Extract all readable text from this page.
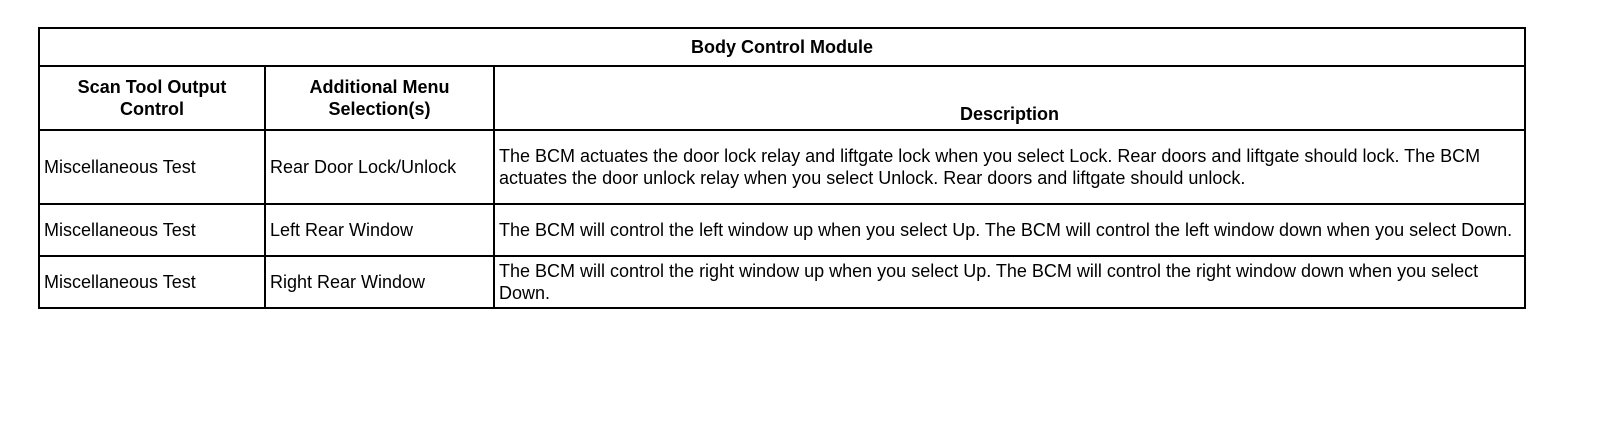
Body Control Module		
Scan Tool Output Control	Additional Menu Selection(s)	Description
Miscellaneous Test	Rear Door Lock/Unlock	The BCM actuates the door lock relay and liftgate lock when you select Lock. Rear doors and liftgate should lock. The BCM actuates the door unlock relay when you select Unlock. Rear doors and liftgate should unlock.
Miscellaneous Test	Left Rear Window	The BCM will control the left window up when you select Up. The BCM will control the left window down when you select Down.
Miscellaneous Test	Right Rear Window	The BCM will control the right window up when you select Up. The BCM will control the right window down when you select Down.
